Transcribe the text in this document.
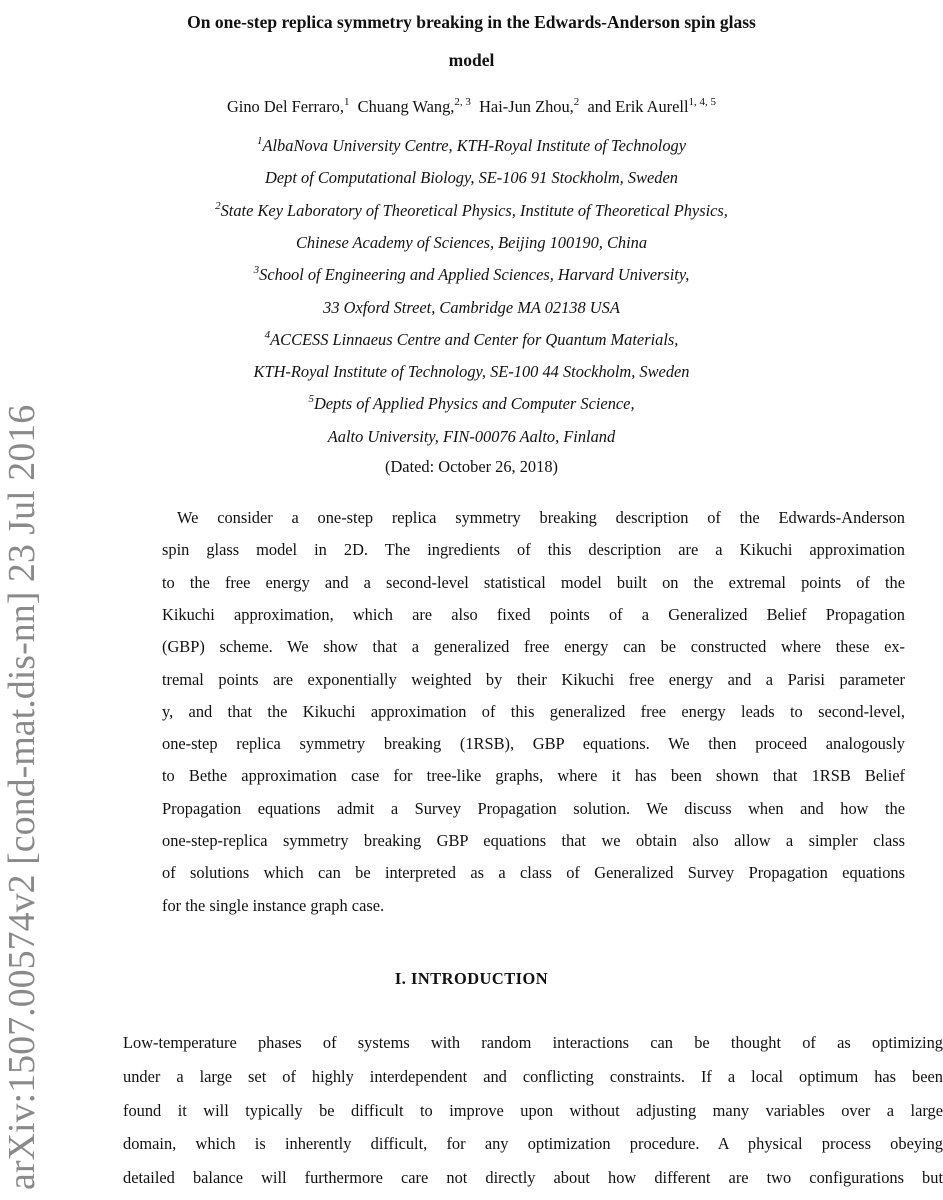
arXiv:1507.00574v2 [cond-mat.dis-nn] 23 Jul 2016
On one-step replica symmetry breaking in the Edwards-Anderson spin glass
model
Gino Del Ferraro,$^1$ Chuang Wang,$^{2, 3}$ Hai-Jun Zhou,$^2$ and Erik Aurell$^{1, 4, 5}$
$^1$AlbaNova University Centre, KTH-Royal Institute of Technology
Dept of Computational Biology, SE-106 91 Stockholm, Sweden
$^2$State Key Laboratory of Theoretical Physics, Institute of Theoretical Physics,
Chinese Academy of Sciences, Beijing 100190, China
$^3$School of Engineering and Applied Sciences, Harvard University,
33 Oxford Street, Cambridge MA 02138 USA
$^4$ACCESS Linnaeus Centre and Center for Quantum Materials,
KTH-Royal Institute of Technology, SE-100 44 Stockholm, Sweden
$^5$Depts of Applied Physics and Computer Science,
Aalto University, FIN-00076 Aalto, Finland
(Dated: October 26, 2018)
We consider a one-step replica symmetry breaking description of the Edwards-Anderson
spin glass model in 2D. The ingredients of this description are a Kikuchi approximation
to the free energy and a second-level statistical model built on the extremal points of the
Kikuchi approximation, which are also fixed points of a Generalized Belief Propagation
(GBP) scheme. We show that a generalized free energy can be constructed where these ex-
tremal points are exponentially weighted by their Kikuchi free energy and a Parisi parameter
y, and that the Kikuchi approximation of this generalized free energy leads to second-level,
one-step replica symmetry breaking (1RSB), GBP equations. We then proceed analogously
to Bethe approximation case for tree-like graphs, where it has been shown that 1RSB Belief
Propagation equations admit a Survey Propagation solution. We discuss when and how the
one-step-replica symmetry breaking GBP equations that we obtain also allow a simpler class
of solutions which can be interpreted as a class of Generalized Survey Propagation equations
for the single instance graph case.
I. INTRODUCTION
Low-temperature phases of systems with random interactions can be thought of as optimizing
under a large set of highly interdependent and conflicting constraints. If a local optimum has been
found it will typically be difficult to improve upon without adjusting many variables over a large
domain, which is inherently difficult, for any optimization procedure. A physical process obeying
detailed balance will furthermore care not directly about how different are two configurations but
